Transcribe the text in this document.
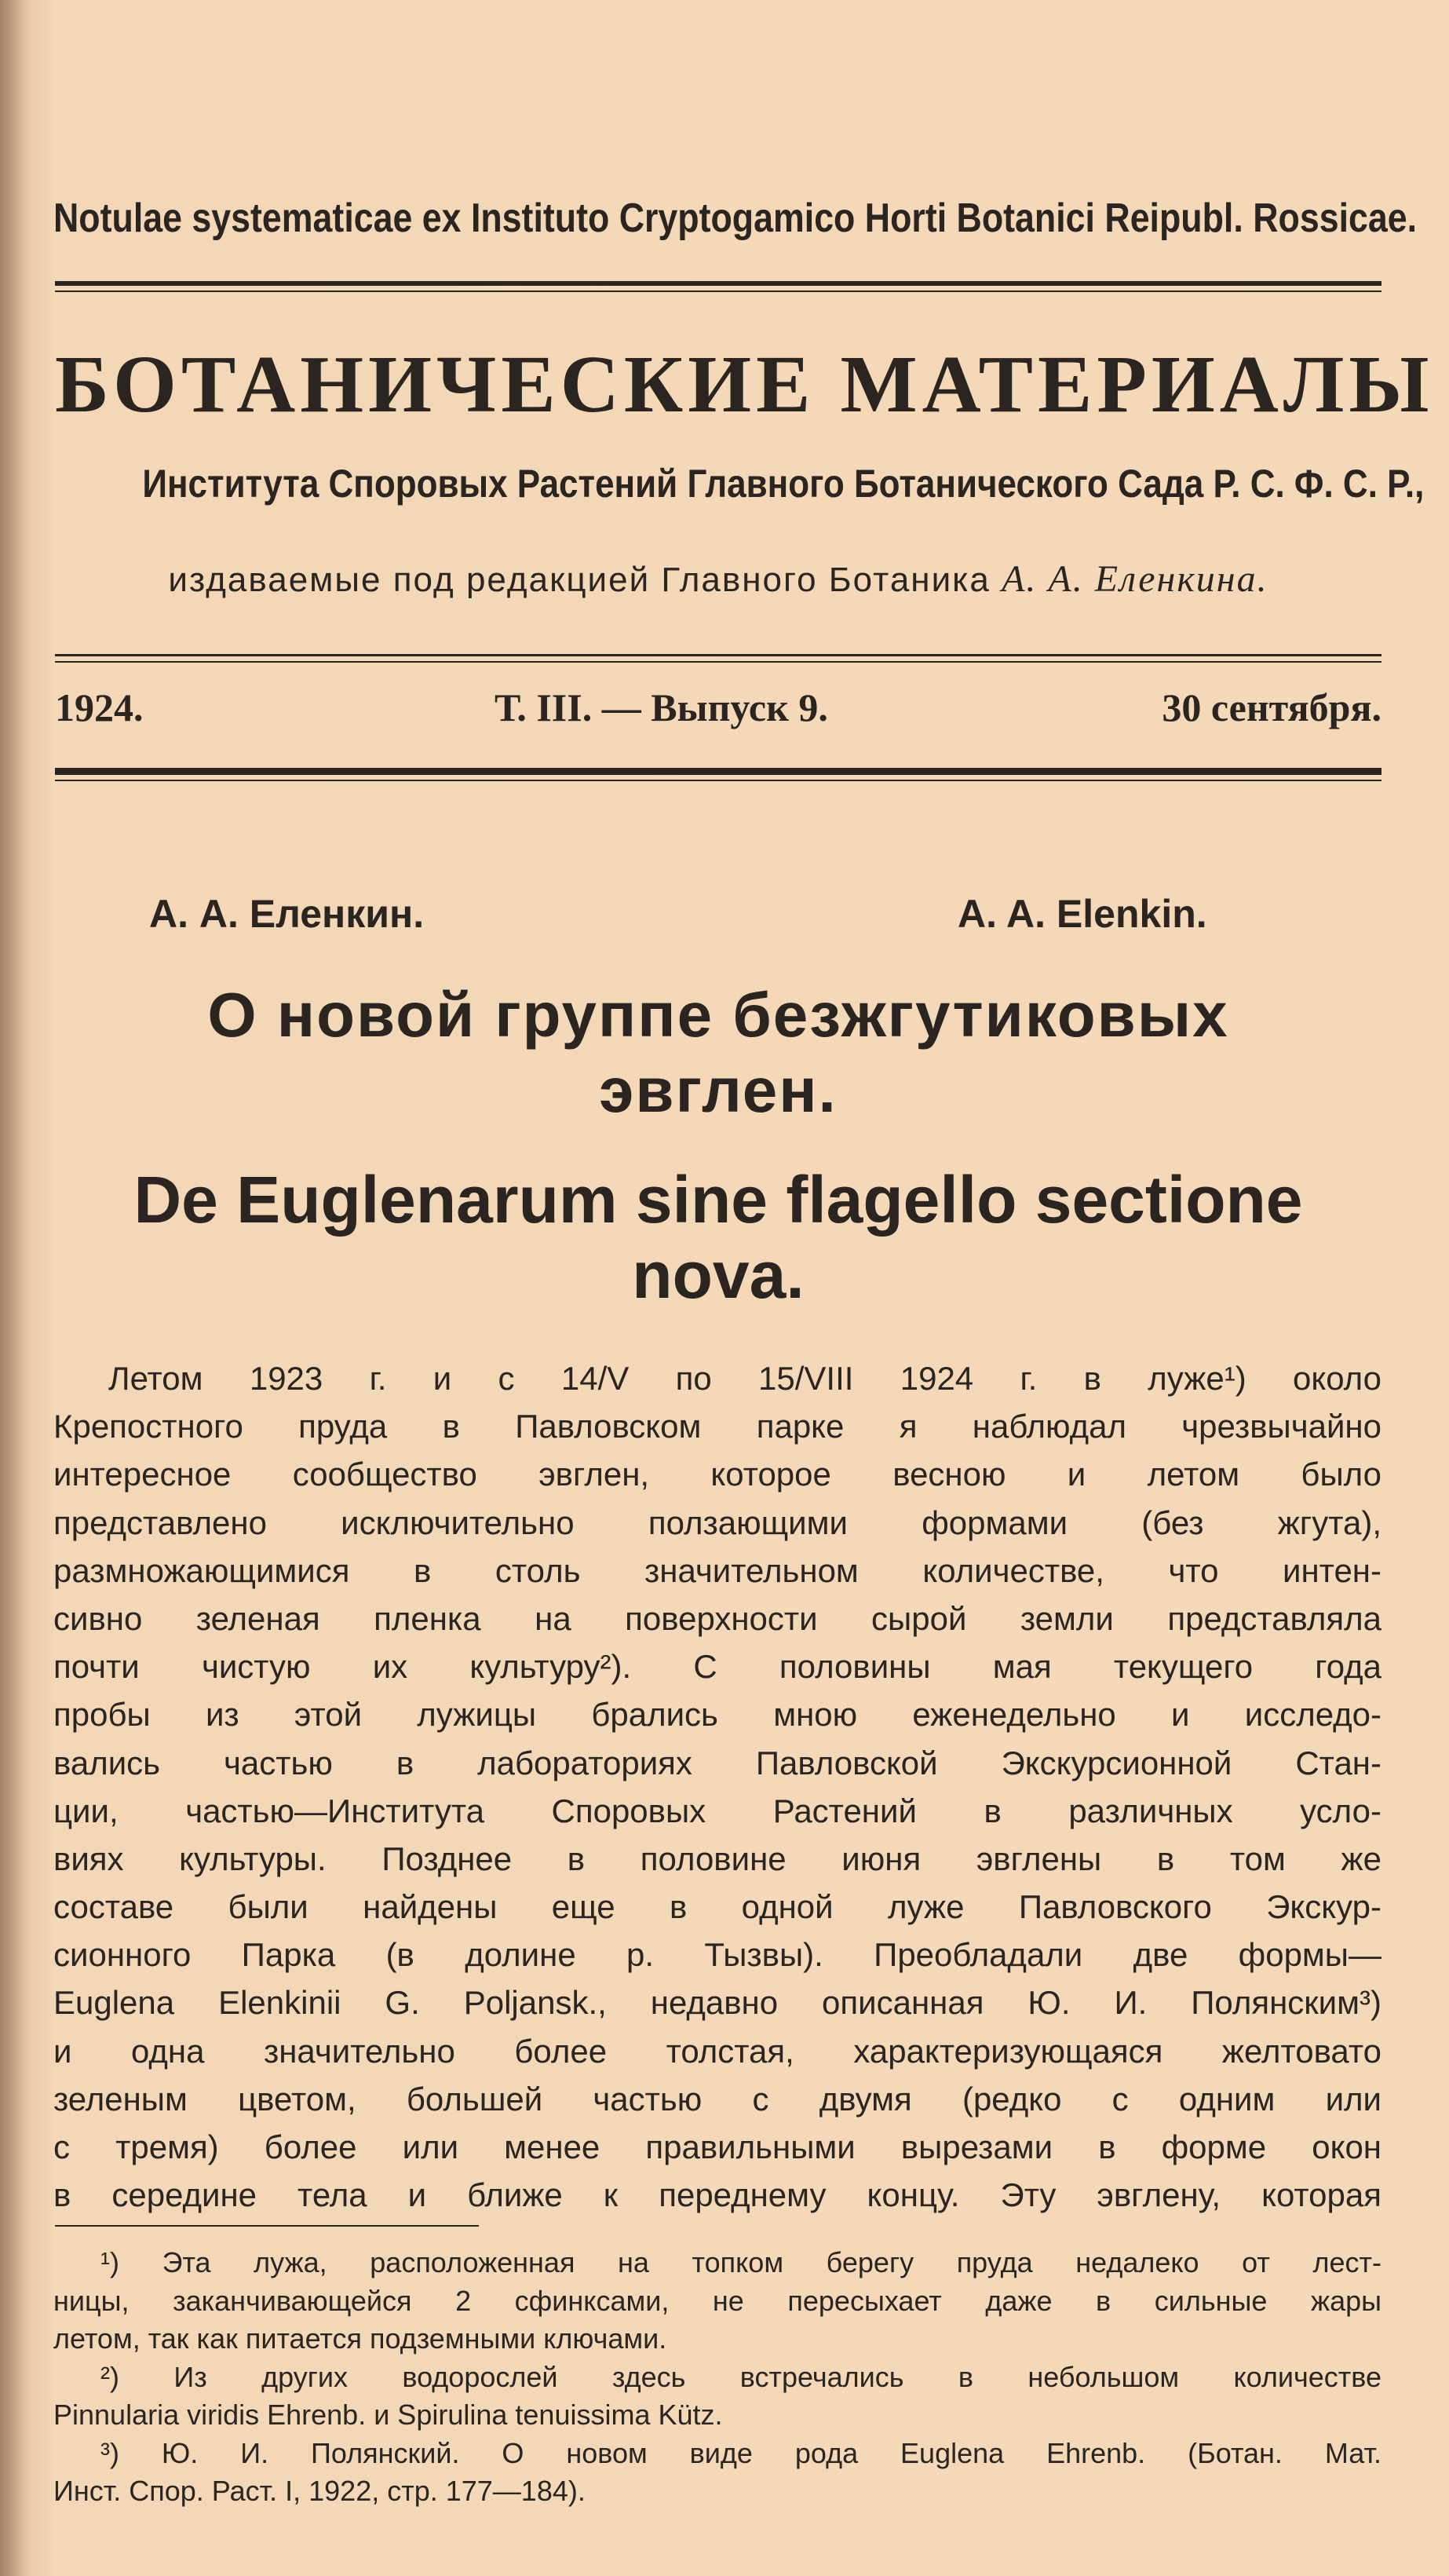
Notulae systematicae ex Instituto Cryptogamico Horti Botanici Reipubl. Rossicae.
БОТАНИЧЕСКИЕ МАТЕРИАЛЫ
Института Споровых Растений Главного Ботанического Сада Р. С. Ф. С. Р.,
издаваемые под редакцией Главного Ботаника А. А. Еленкина.
1924.	Т. III. — Выпуск 9.	30 сентября.
А. А. Еленкин.	A. A. Elenkin.
О новой группе безжгутиковых
эвглен.
De Euglenarum sine flagello sectione
nova.
Летом 1923 г. и с 14/V по 15/VIII 1924 г. в луже¹) около
Крепостного пруда в Павловском парке я наблюдал чрезвычайно
интересное сообщество эвглен, которое весною и летом было
представлено исключительно ползающими формами (без жгута),
размножающимися в столь значительном количестве, что интен-
сивно зеленая пленка на поверхности сырой земли представляла
почти чистую их культуру²). С половины мая текущего года
пробы из этой лужицы брались мною еженедельно и исследо-
вались частью в лабораториях Павловской Экскурсионной Стан-
ции, частью—Института Споровых Растений в различных усло-
виях культуры. Позднее в половине июня эвглены в том же
составе были найдены еще в одной луже Павловского Экскур-
сионного Парка (в долине р. Тызвы). Преобладали две формы—
Euglena Elenkinii G. Poljansk., недавно описанная Ю. И. Полянским³)
и одна значительно более толстая, характеризующаяся желтовато
зеленым цветом, большей частью с двумя (редко с одним или
с тремя) более или менее правильными вырезами в форме окон
в середине тела и ближе к переднему концу. Эту эвглену, которая
¹) Эта лужа, расположенная на топком берегу пруда недалеко от лест-
ницы, заканчивающейся 2 сфинксами, не пересыхает даже в сильные жары
летом, так как питается подземными ключами.
²) Из других водорослей здесь встречались в небольшом количестве
Pinnularia viridis Ehrenb. и Spirulina tenuissima Kütz.
³) Ю. И. Полянский. О новом виде рода Euglena Ehrenb. (Ботан. Мат.
Инст. Спор. Раст. I, 1922, стр. 177—184).
